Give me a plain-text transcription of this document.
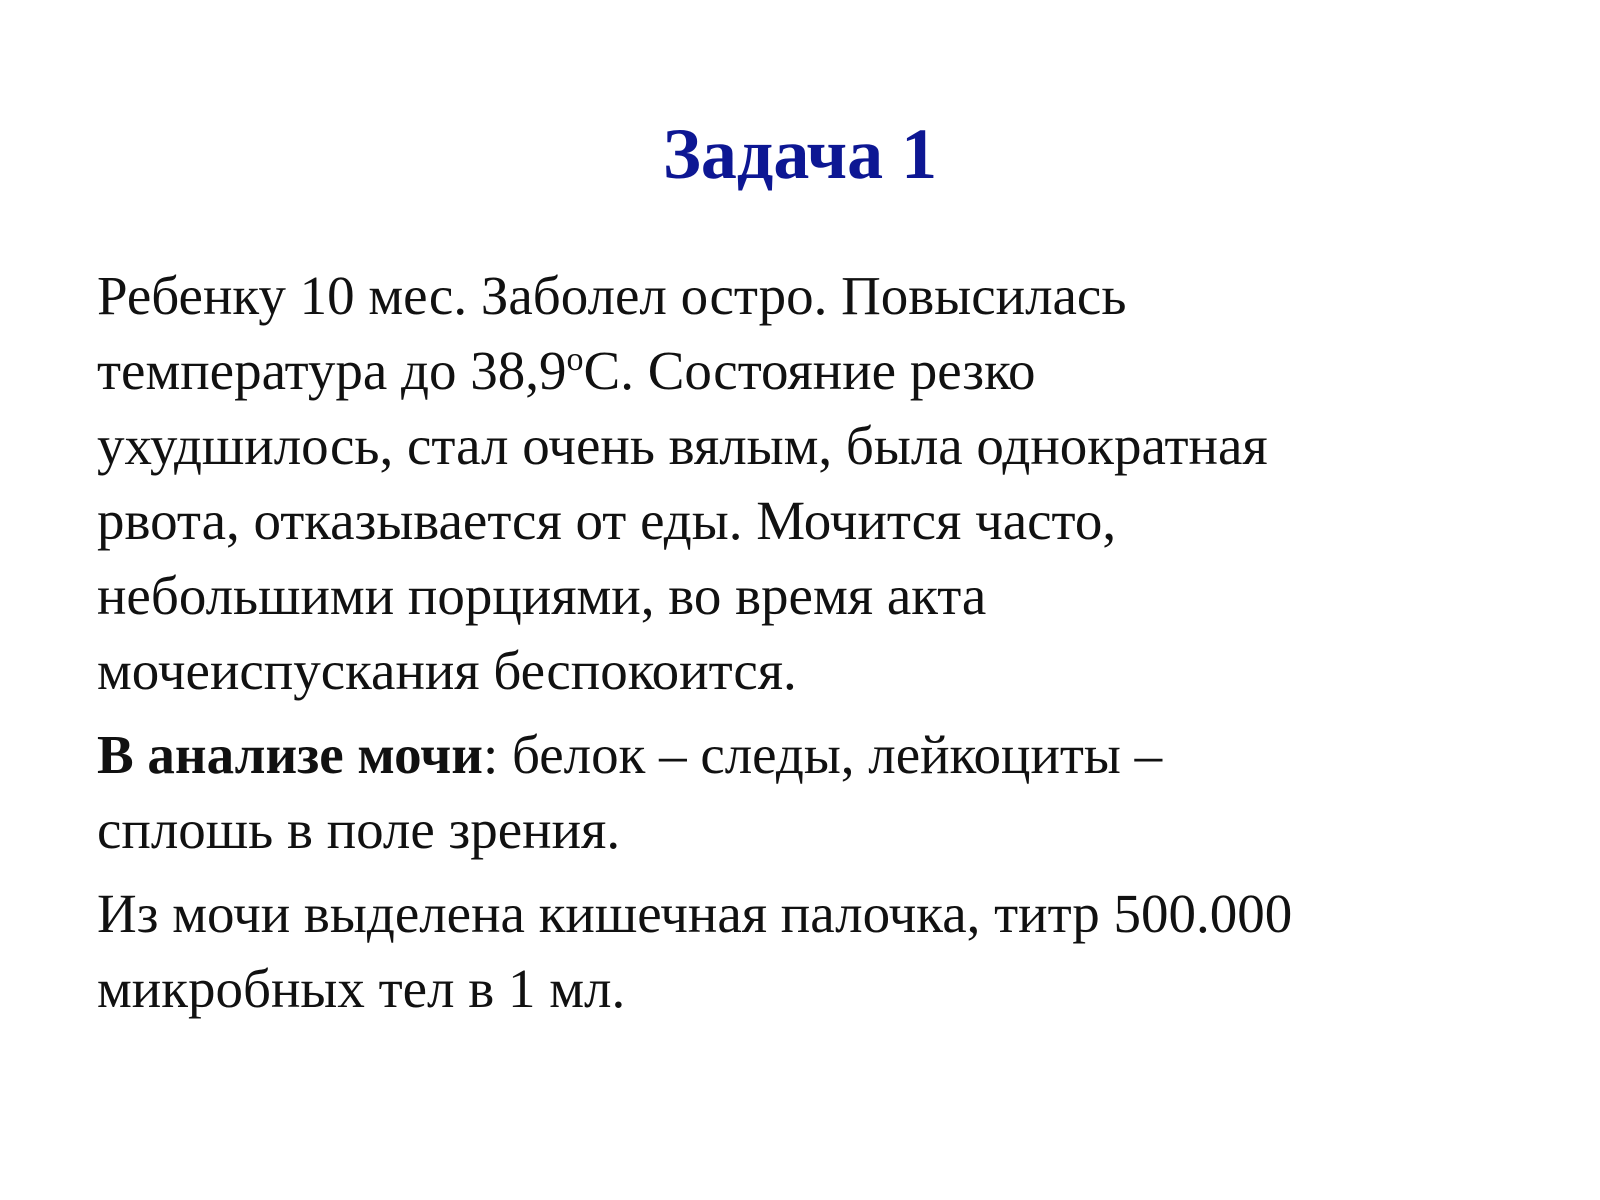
Задача 1

Ребенку 10 мес. Заболел остро. Повысилась
температура до $38,9^оС$. Состояние резко
ухудшилось, стал очень вялым, была однократная
рвота, отказывается от еды. Мочится часто,
небольшими порциями, во время акта
мочеиспускания беспокоится.

В анализе мочи: белок – следы, лейкоциты –
сплошь в поле зрения.

Из мочи выделена кишечная палочка, титр 500.000
микробных тел в 1 мл.
